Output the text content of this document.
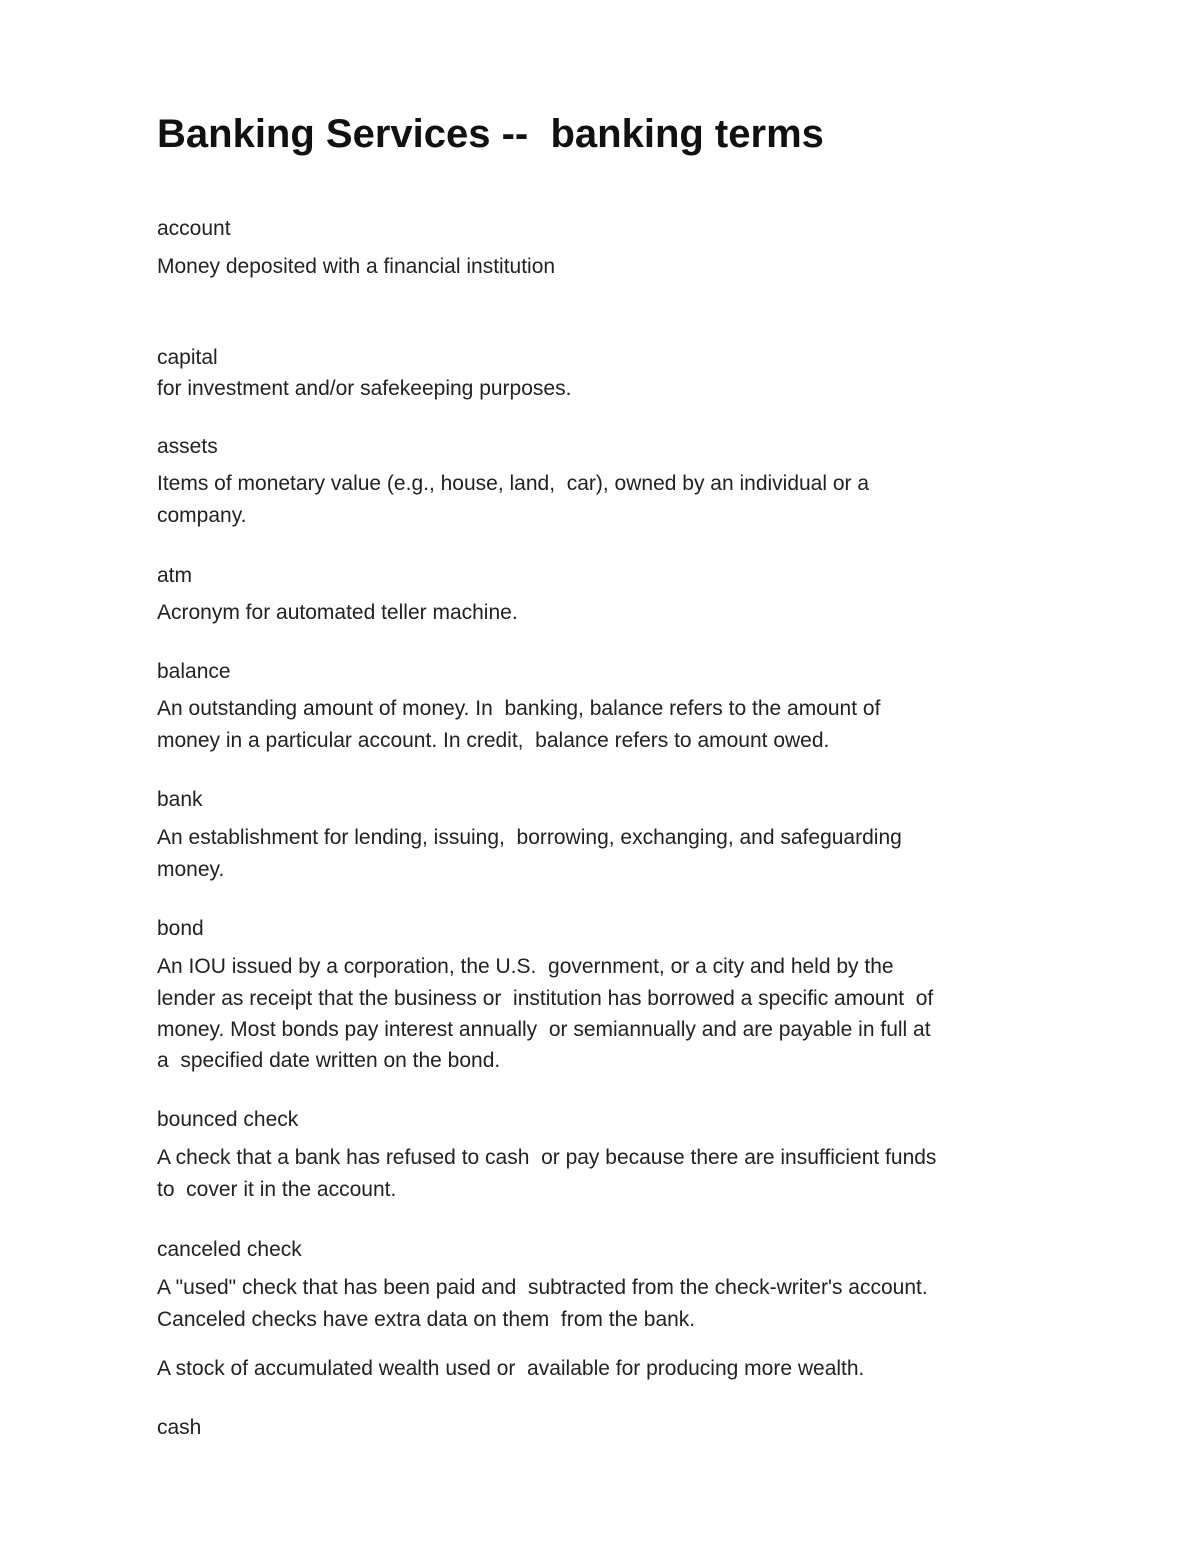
Banking Services --  banking terms

account

Money deposited with a financial institution

capital

for investment and/or safekeeping purposes.

assets

Items of monetary value (e.g., house, land,  car), owned by an individual or a

company.

atm

Acronym for automated teller machine.

balance

An outstanding amount of money. In  banking, balance refers to the amount of

money in a particular account. In credit,  balance refers to amount owed.

bank

An establishment for lending, issuing,  borrowing, exchanging, and safeguarding

money.

bond

An IOU issued by a corporation, the U.S.  government, or a city and held by the

lender as receipt that the business or  institution has borrowed a specific amount  of

money. Most bonds pay interest annually  or semiannually and are payable in full at

a  specified date written on the bond.

bounced check

A check that a bank has refused to cash  or pay because there are insufficient funds

to  cover it in the account.

canceled check

A "used" check that has been paid and  subtracted from the check-writer's account.

Canceled checks have extra data on them  from the bank.

A stock of accumulated wealth used or  available for producing more wealth.

cash
